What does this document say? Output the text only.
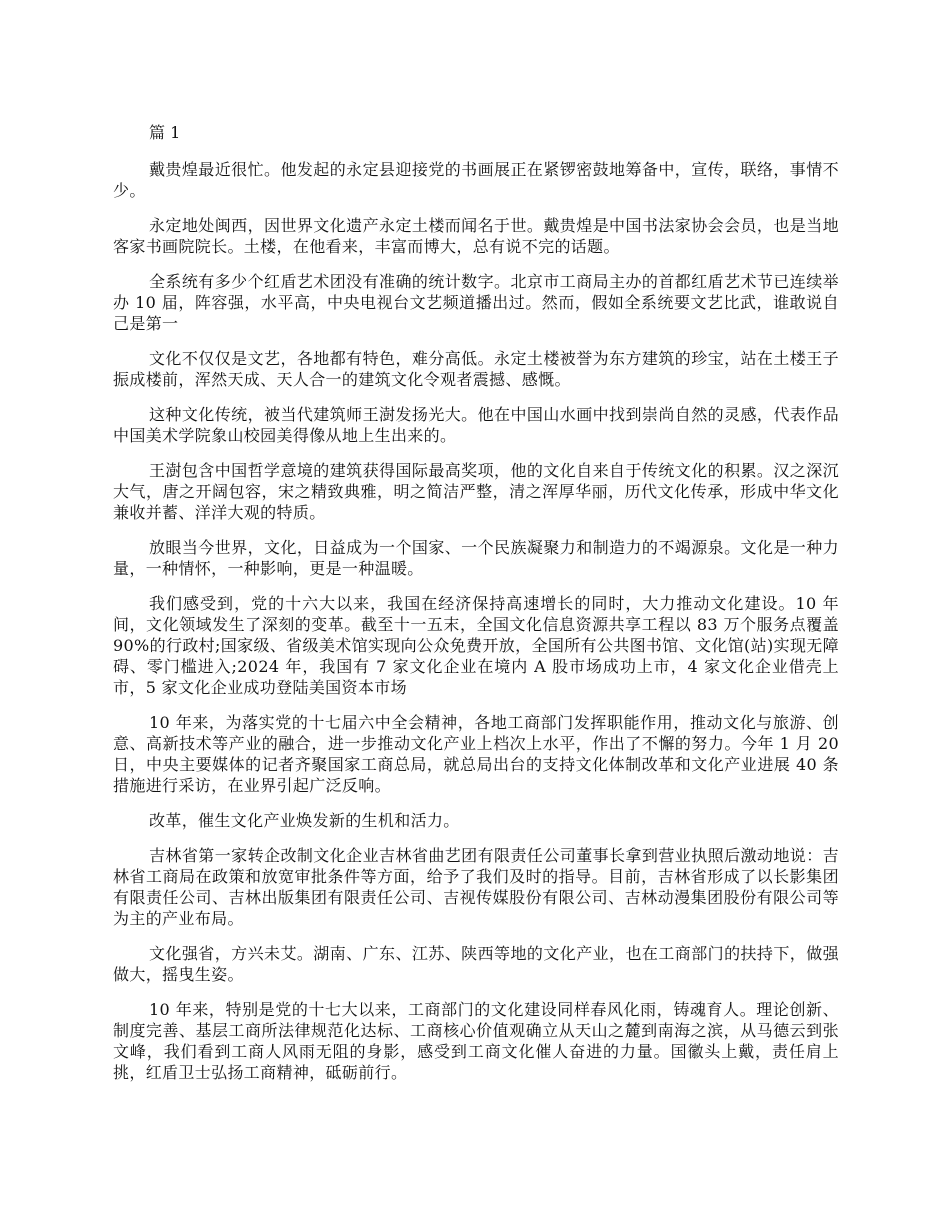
篇 1

戴贵煌最近很忙。他发起的永定县迎接党的书画展正在紧锣密鼓地筹备中，宣传，联络，事情不少。

永定地处闽西，因世界文化遗产永定土楼而闻名于世。戴贵煌是中国书法家协会会员，也是当地客家书画院院长。土楼，在他看来，丰富而博大，总有说不完的话题。

全系统有多少个红盾艺术团没有准确的统计数字。北京市工商局主办的首都红盾艺术节已连续举办 10 届，阵容强，水平高，中央电视台文艺频道播出过。然而，假如全系统要文艺比武，谁敢说自己是第一

文化不仅仅是文艺，各地都有特色，难分高低。永定土楼被誉为东方建筑的珍宝，站在土楼王子振成楼前，浑然天成、天人合一的建筑文化令观者震撼、感慨。

这种文化传统，被当代建筑师王澍发扬光大。他在中国山水画中找到崇尚自然的灵感，代表作品中国美术学院象山校园美得像从地上生出来的。

王澍包含中国哲学意境的建筑获得国际最高奖项，他的文化自来自于传统文化的积累。汉之深沉大气，唐之开阔包容，宋之精致典雅，明之简洁严整，清之浑厚华丽，历代文化传承，形成中华文化兼收并蓄、洋洋大观的特质。

放眼当今世界，文化，日益成为一个国家、一个民族凝聚力和制造力的不竭源泉。文化是一种力量，一种情怀，一种影响，更是一种温暖。

我们感受到，党的十六大以来，我国在经济保持高速增长的同时，大力推动文化建设。10 年间，文化领域发生了深刻的变革。截至十一五末，全国文化信息资源共享工程以 83 万个服务点覆盖 90%的行政村;国家级、省级美术馆实现向公众免费开放，全国所有公共图书馆、文化馆(站)实现无障碍、零门槛进入;2024 年，我国有 7 家文化企业在境内 A 股市场成功上市，4 家文化企业借壳上市，5 家文化企业成功登陆美国资本市场

10 年来，为落实党的十七届六中全会精神，各地工商部门发挥职能作用，推动文化与旅游、创意、高新技术等产业的融合，进一步推动文化产业上档次上水平，作出了不懈的努力。今年 1 月 20 日，中央主要媒体的记者齐聚国家工商总局，就总局出台的支持文化体制改革和文化产业进展 40 条措施进行采访，在业界引起广泛反响。

改革，催生文化产业焕发新的生机和活力。

吉林省第一家转企改制文化企业吉林省曲艺团有限责任公司董事长拿到营业执照后激动地说：吉林省工商局在政策和放宽审批条件等方面，给予了我们及时的指导。目前，吉林省形成了以长影集团有限责任公司、吉林出版集团有限责任公司、吉视传媒股份有限公司、吉林动漫集团股份有限公司等为主的产业布局。

文化强省，方兴未艾。湖南、广东、江苏、陕西等地的文化产业，也在工商部门的扶持下，做强做大，摇曳生姿。

10 年来，特别是党的十七大以来，工商部门的文化建设同样春风化雨，铸魂育人。理论创新、制度完善、基层工商所法律规范化达标、工商核心价值观确立从天山之麓到南海之滨，从马德云到张文峰，我们看到工商人风雨无阻的身影，感受到工商文化催人奋进的力量。国徽头上戴，责任肩上挑，红盾卫士弘扬工商精神，砥砺前行。
